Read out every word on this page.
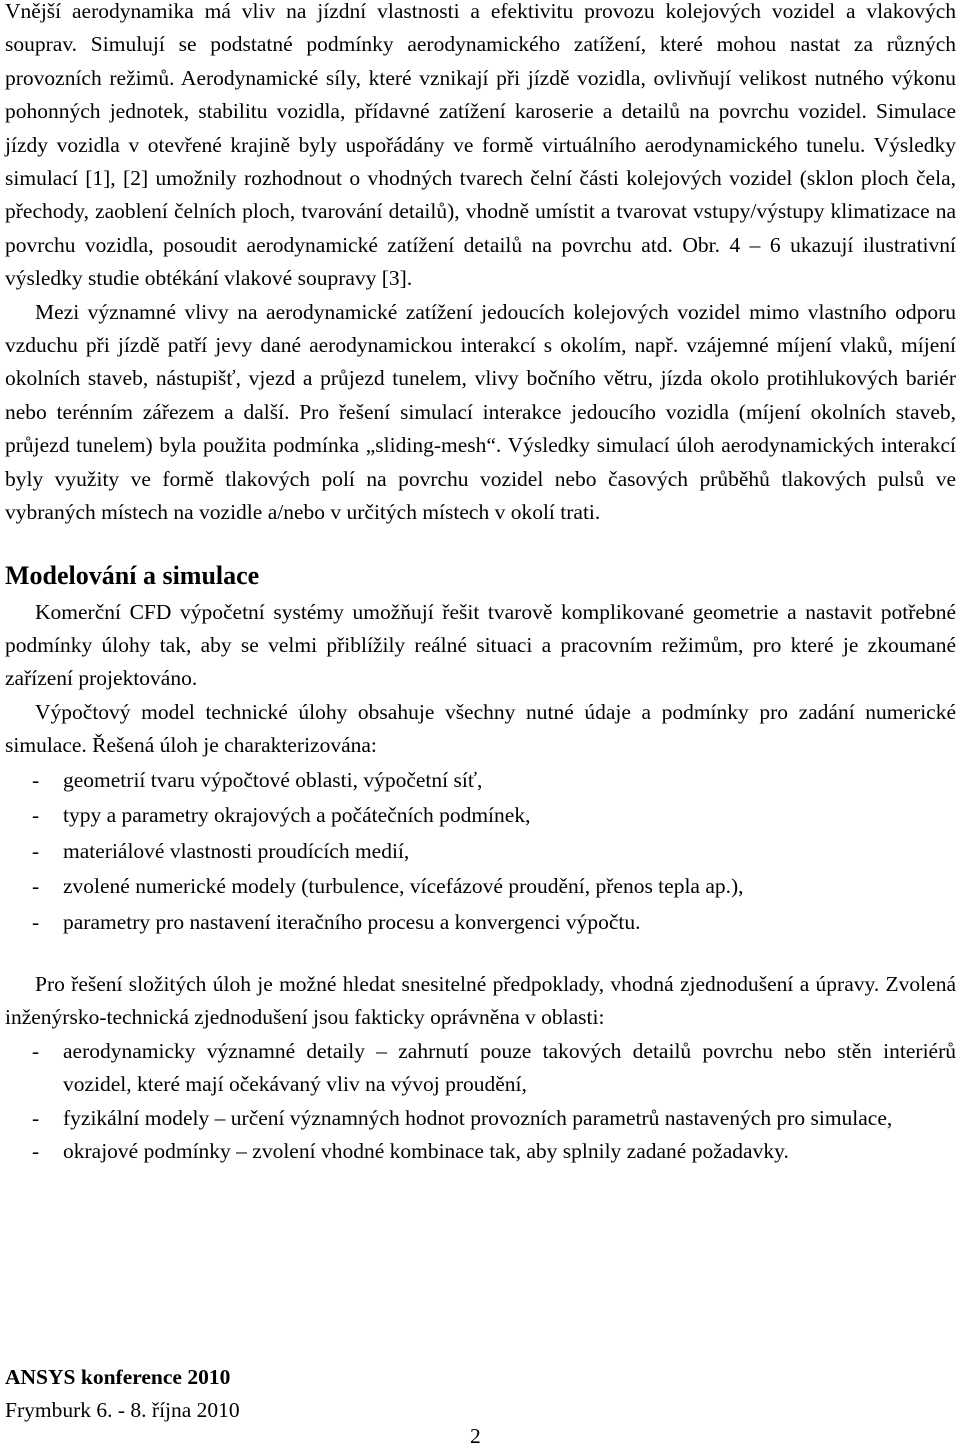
Vnější aerodynamika má vliv na jízdní vlastnosti a efektivitu provozu kolejových vozidel a vlakových souprav. Simulují se podstatné podmínky aerodynamického zatížení, které mohou nastat za různých provozních režimů. Aerodynamické síly, které vznikají při jízdě vozidla, ovlivňují velikost nutného výkonu pohonných jednotek, stabilitu vozidla, přídavné zatížení karoserie a detailů na povrchu vozidel. Simulace jízdy vozidla v otevřené krajině byly uspořádány ve formě virtuálního aerodynamického tunelu. Výsledky simulací [1], [2] umožnily rozhodnout o vhodných tvarech čelní části kolejových vozidel (sklon ploch čela, přechody, zaoblení čelních ploch, tvarování detailů), vhodně umístit a tvarovat vstupy/výstupy klimatizace na povrchu vozidla, posoudit aerodynamické zatížení detailů na povrchu atd. Obr. 4 – 6 ukazují ilustrativní výsledky studie obtékání vlakové soupravy [3].

Mezi významné vlivy na aerodynamické zatížení jedoucích kolejových vozidel mimo vlastního odporu vzduchu při jízdě patří jevy dané aerodynamickou interakcí s okolím, např. vzájemné míjení vlaků, míjení okolních staveb, nástupišť, vjezd a průjezd tunelem, vlivy bočního větru, jízda okolo protihlukových bariér nebo terénním zářezem a další. Pro řešení simulací interakce jedoucího vozidla (míjení okolních staveb, průjezd tunelem) byla použita podmínka „sliding-mesh“. Výsledky simulací úloh aerodynamických interakcí byly využity ve formě tlakových polí na povrchu vozidel nebo časových průběhů tlakových pulsů ve vybraných místech na vozidle a/nebo v určitých místech v okolí trati.

Modelování a simulace

Komerční CFD výpočetní systémy umožňují řešit tvarově komplikované geometrie a nastavit potřebné podmínky úlohy tak, aby se velmi přiblížily reálné situaci a pracovním režimům, pro které je zkoumané zařízení projektováno.

Výpočtový model technické úlohy obsahuje všechny nutné údaje a podmínky pro zadání numerické simulace. Řešená úloh je charakterizována:

- geometrií tvaru výpočtové oblasti, výpočetní síť,
- typy a parametry okrajových a počátečních podmínek,
- materiálové vlastnosti proudících medií,
- zvolené numerické modely (turbulence, vícefázové proudění, přenos tepla ap.),
- parametry pro nastavení iteračního procesu a konvergenci výpočtu.

Pro řešení složitých úloh je možné hledat snesitelné předpoklady, vhodná zjednodušení a úpravy. Zvolená inženýrsko-technická zjednodušení jsou fakticky oprávněna v oblasti:

- aerodynamicky významné detaily – zahrnutí pouze takových detailů povrchu nebo stěn interiérů vozidel, které mají očekávaný vliv na vývoj proudění,
- fyzikální modely – určení významných hodnot provozních parametrů nastavených pro simulace,
- okrajové podmínky – zvolení vhodné kombinace tak, aby splnily zadané požadavky.
ANSYS konference 2010
Frymburk 6. - 8. října 2010
2
